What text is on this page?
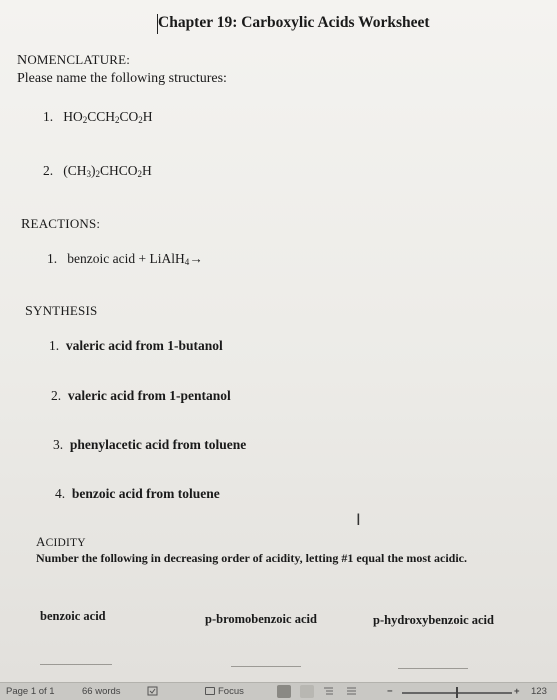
Chapter 19: Carboxylic Acids Worksheet
NOMENCLATURE:
Please name the following structures:
1. $HO_2CCH_2CO_2H$
2. $(CH_3)_2CHCO_2H$
REACTIONS:
1. benzoic acid + LiAlH$_4$→
SYNTHESIS
1. valeric acid from 1-butanol
2. valeric acid from 1-pentanol
3. phenylacetic acid from toluene
4. benzoic acid from toluene
I
ACIDITY
Number the following in decreasing order of acidity, letting #1 equal the most acidic.
benzoic acid	p-bromobenzoic acid	p-hydroxybenzoic acid
Page 1 of 1	66 words	Focus	−	+ 123
